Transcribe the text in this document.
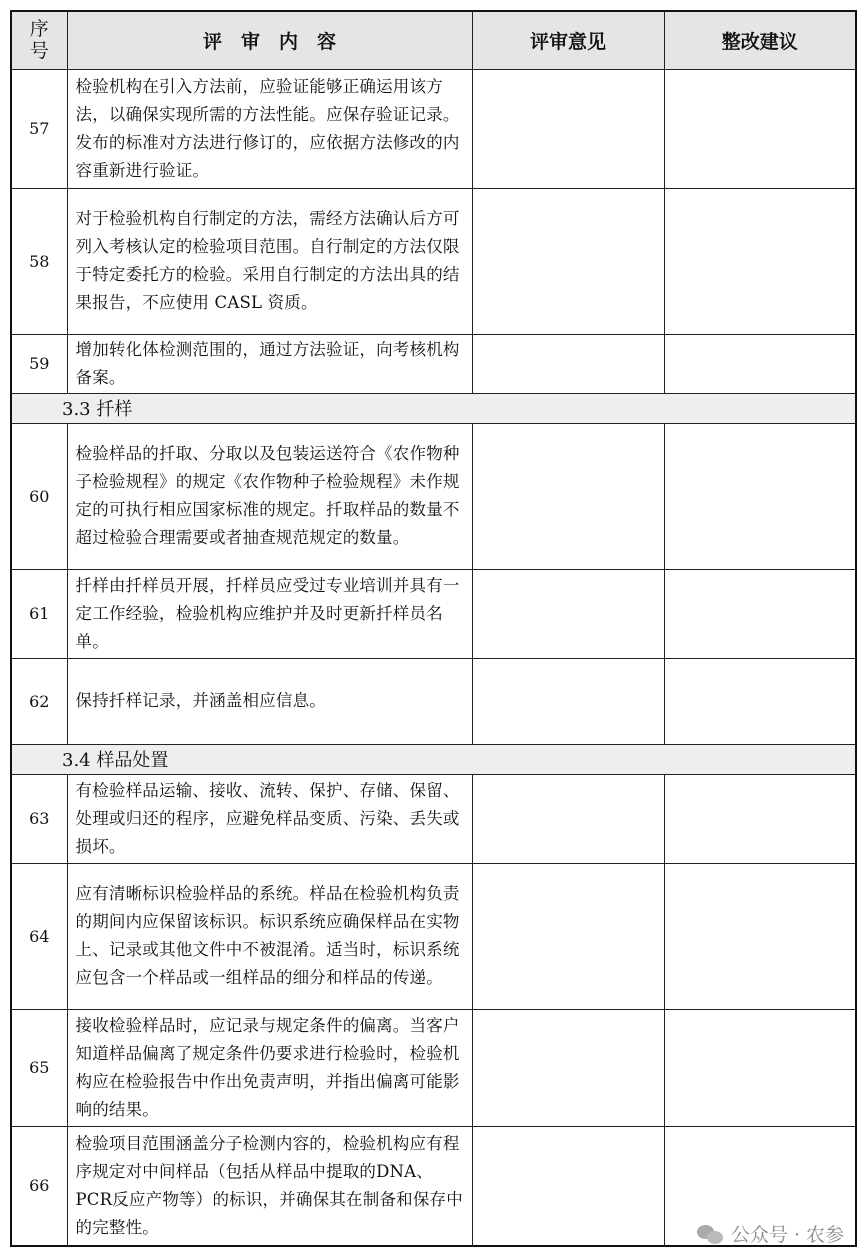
序
号	评　审　内　容	评审意见	整改建议
57	检验机构在引入方法前，应验证能够正确运用该方法，以确保实现所需的方法性能。应保存验证记录。发布的标准对方法进行修订的，应依据方法修改的内容重新进行验证。		
58	对于检验机构自行制定的方法，需经方法确认后方可列入考核认定的检验项目范围。自行制定的方法仅限于特定委托方的检验。采用自行制定的方法出具的结果报告，不应使用 CASL 资质。		
59	增加转化体检测范围的，通过方法验证，向考核机构备案。		
3.3 扦样			
60	检验样品的扦取、分取以及包装运送符合《农作物种子检验规程》的规定《农作物种子检验规程》未作规定的可执行相应国家标准的规定。扦取样品的数量不超过检验合理需要或者抽查规范规定的数量。		
61	扦样由扦样员开展，扦样员应受过专业培训并具有一定工作经验，检验机构应维护并及时更新扦样员名单。		
62	保持扦样记录，并涵盖相应信息。		
3.4 样品处置			
63	有检验样品运输、接收、流转、保护、存储、保留、处理或归还的程序，应避免样品变质、污染、丢失或损坏。		
64	应有清晰标识检验样品的系统。样品在检验机构负责的期间内应保留该标识。标识系统应确保样品在实物上、记录或其他文件中不被混淆。适当时，标识系统应包含一个样品或一组样品的细分和样品的传递。		
65	接收检验样品时，应记录与规定条件的偏离。当客户知道样品偏离了规定条件仍要求进行检验时，检验机构应在检验报告中作出免责声明，并指出偏离可能影响的结果。		
66	检验项目范围涵盖分子检测内容的，检验机构应有程序规定对中间样品（包括从样品中提取的DNA、PCR反应产物等）的标识，并确保其在制备和保存中的完整性。			公众号 · 农参
